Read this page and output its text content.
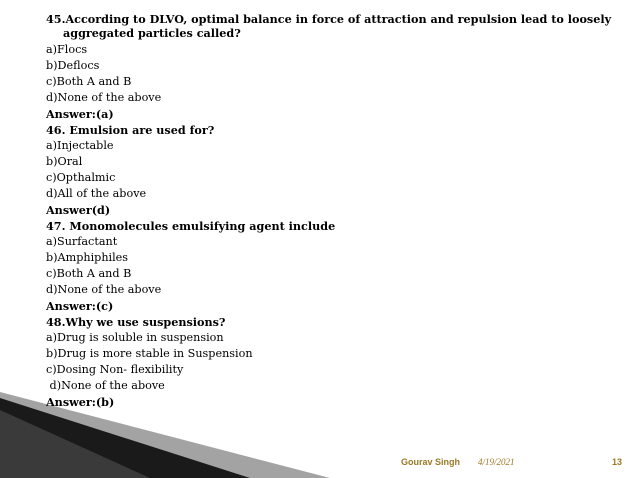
45.According to DLVO, optimal balance in force of attraction and repulsion lead to loosely aggregated particles called?
a)Flocs
b)Deflocs
c)Both A and B
d)None of the above
Answer:(a)
46. Emulsion are used for?
a)Injectable
b)Oral
c)Opthalmic
d)All of the above
Answer(d)
47. Monomolecules emulsifying agent include
a)Surfactant
b)Amphiphiles
c)Both A and B
d)None of the above
Answer:(c)
48.Why we use suspensions?
a)Drug is soluble in suspension
b)Drug is more stable in Suspension
c)Dosing Non- flexibility
d)None of the above
Answer:(b)
Gourav Singh 4/19/2021	13
